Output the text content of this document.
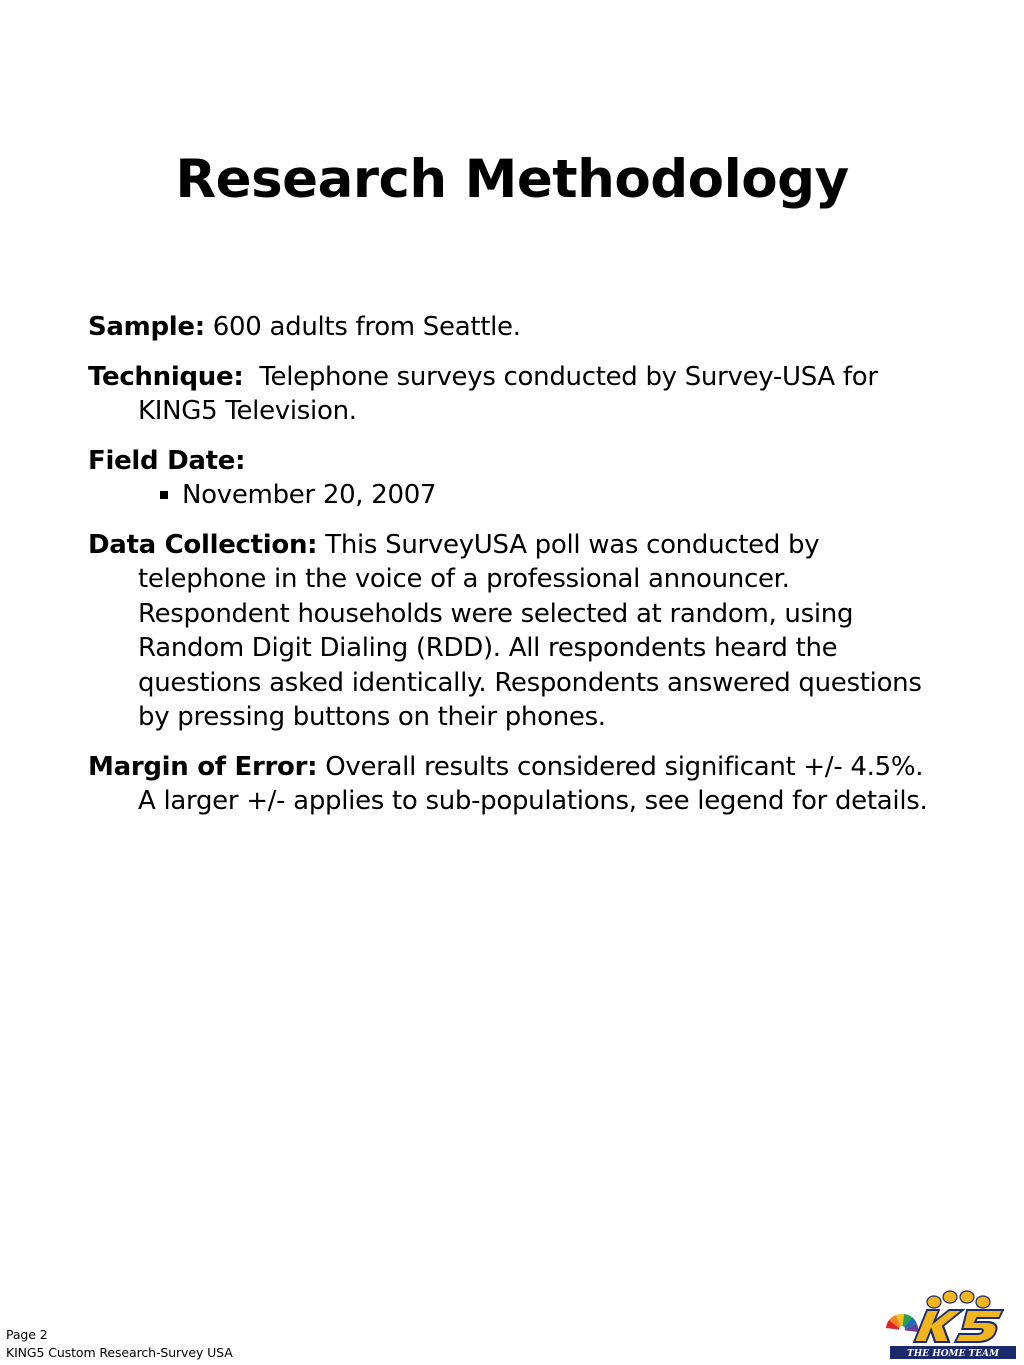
Research Methodology

Sample: 600 adults from Seattle.

Technique:  Telephone surveys conducted by Survey-USA for KING5 Television.

Field Date:

November 20, 2007

Data Collection: This SurveyUSA poll was conducted by telephone in the voice of a professional announcer. Respondent households were selected at random, using Random Digit Dialing (RDD). All respondents heard the questions asked identically. Respondents answered questions by pressing buttons on their phones.

Margin of Error: Overall results considered significant +/- 4.5%. A larger +/- applies to sub-populations, see legend for details.

Page 2
KING5 Custom Research-Survey USA	THE HOME TEAM
